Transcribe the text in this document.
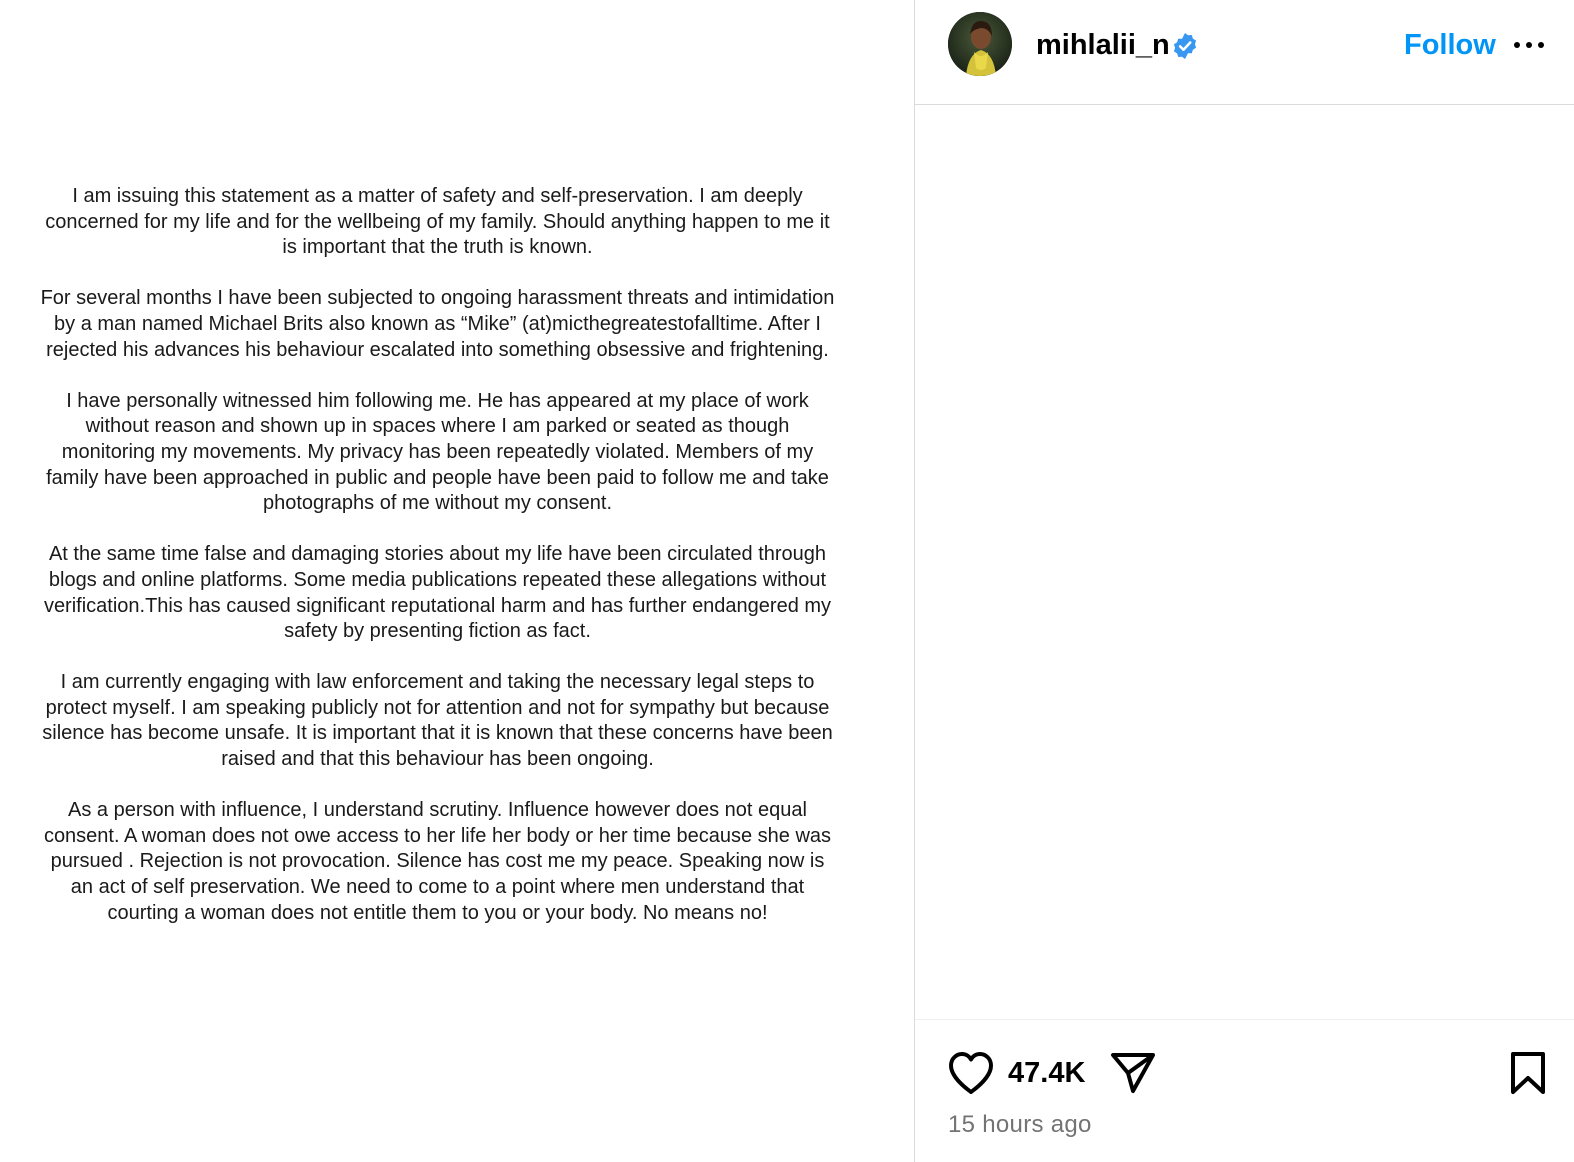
I am issuing this statement as a matter of safety and self-preservation. I am deeply concerned for my life and for the wellbeing of my family. Should anything happen to me it is important that the truth is known.

For several months I have been subjected to ongoing harassment threats and intimidation by a man named Michael Brits also known as “Mike” (at)micthegreatestofalltime. After I rejected his advances his behaviour escalated into something obsessive and frightening.

I have personally witnessed him following me. He has appeared at my place of work without reason and shown up in spaces where I am parked or seated as though monitoring my movements. My privacy has been repeatedly violated. Members of my family have been approached in public and people have been paid to follow me and take photographs of me without my consent.

At the same time false and damaging stories about my life have been circulated through blogs and online platforms. Some media publications repeated these allegations without verification.This has caused significant reputational harm and has further endangered my safety by presenting fiction as fact.

I am currently engaging with law enforcement and taking the necessary legal steps to protect myself. I am speaking publicly not for attention and not for sympathy but because silence has become unsafe. It is important that it is known that these concerns have been raised and that this behaviour has been ongoing.

As a person with influence, I understand scrutiny. Influence however does not equal consent. A woman does not owe access to her life her body or her time because she was pursued . Rejection is not provocation. Silence has cost me my peace. Speaking now is an act of self preservation. We need to come to a point where men understand that courting a woman does not entitle them to you or your body. No means no!

mihlalii_n	Follow
47.4K
15 hours ago
